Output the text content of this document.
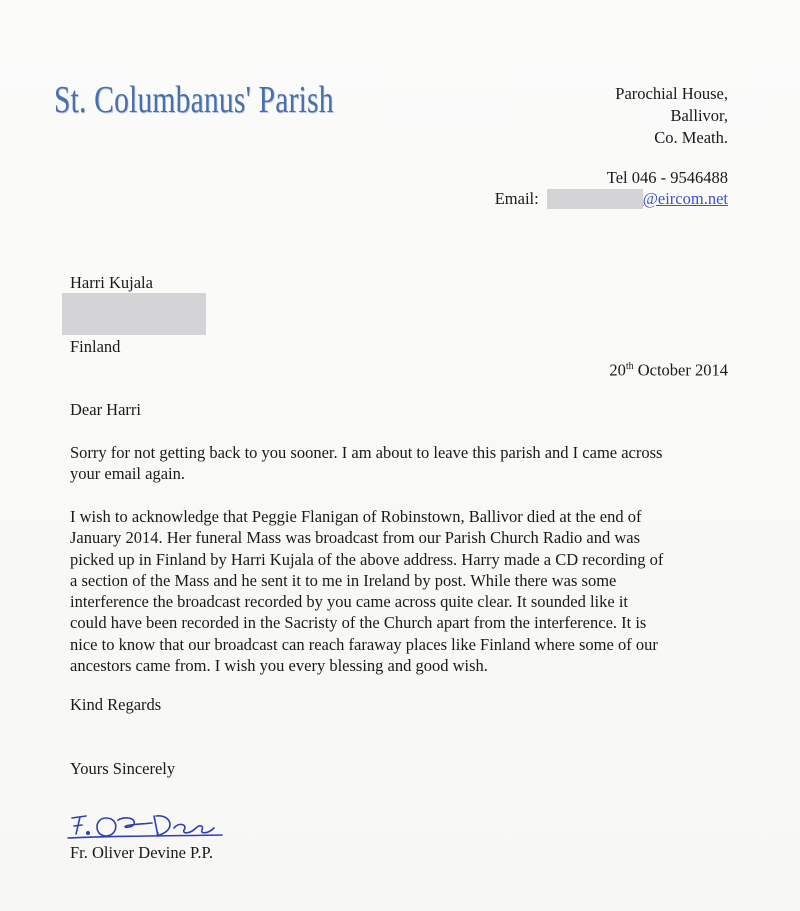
St. Columbanus' Parish	Parochial House,
Ballivor,
Co. Meath.
Tel 046 - 9546488
Email:	@eircom.net
Harri Kujala
Finland
20th October 2014
Dear Harri
Sorry for not getting back to you sooner. I am about to leave this parish and I came across
your email again.
I wish to acknowledge that Peggie Flanigan of Robinstown, Ballivor died at the end of
January 2014. Her funeral Mass was broadcast from our Parish Church Radio and was
picked up in Finland by Harri Kujala of the above address. Harry made a CD recording of
a section of the Mass and he sent it to me in Ireland by post. While there was some
interference the broadcast recorded by you came across quite clear. It sounded like it
could have been recorded in the Sacristy of the Church apart from the interference. It is
nice to know that our broadcast can reach faraway places like Finland where some of our
ancestors came from. I wish you every blessing and good wish.
Kind Regards
Yours Sincerely
Fr. Oliver Devine P.P.
